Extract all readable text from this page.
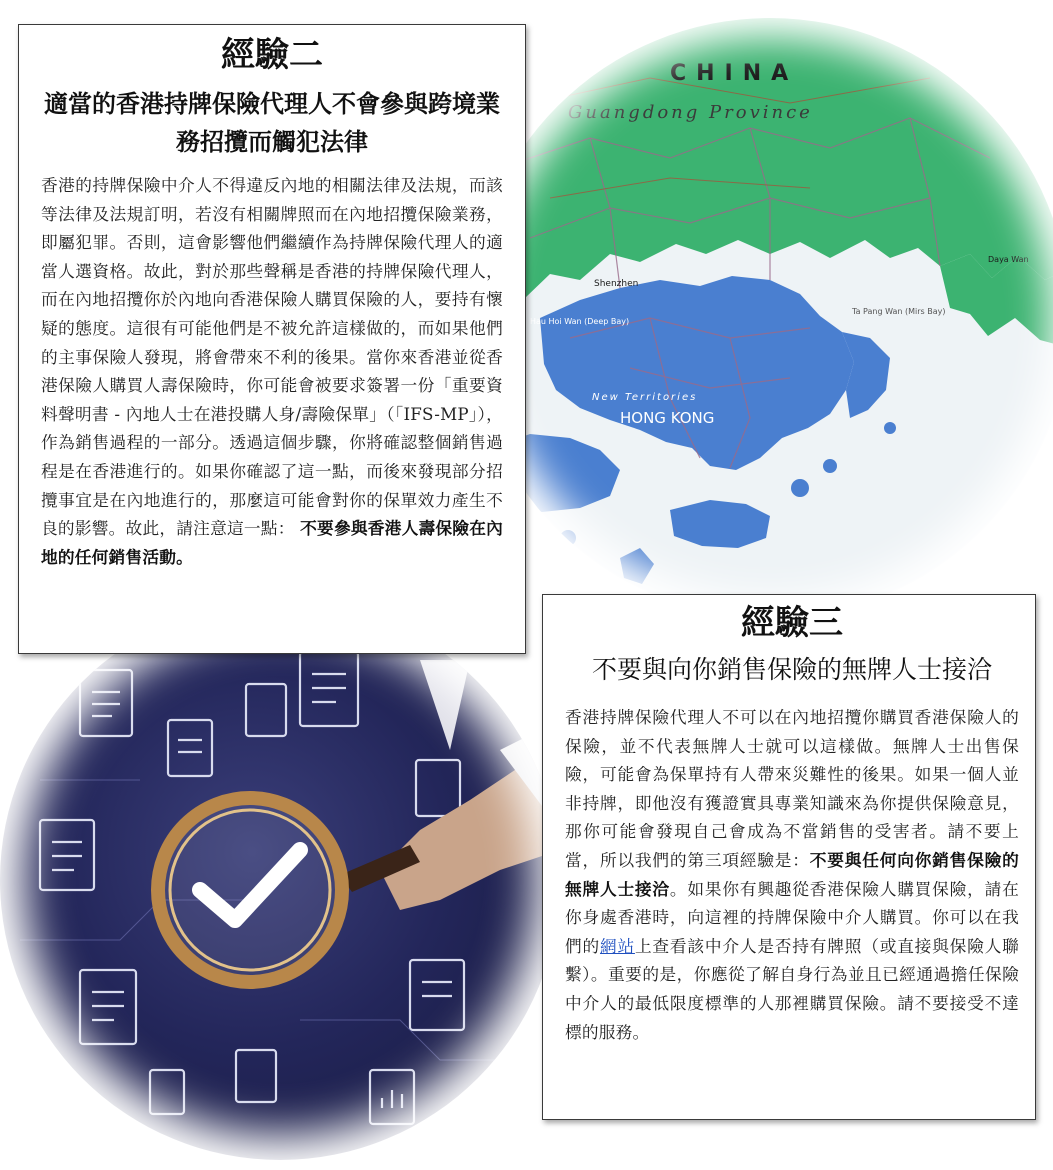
CHINA
Guangdong Province
HONG KONG
New Territories
Shenzhen
Daya Wan
Ta Pang Wan (Mirs Bay)
Hau Hoi Wan (Deep Bay)
經驗二
適當的香港持牌保險代理人不會參與跨境業務招攬而觸犯法律
香港的持牌保險中介人不得違反內地的相關法律及法規，而該等法律及法規訂明，若沒有相關牌照而在內地招攬保險業務，即屬犯罪。否則，這會影響他們繼續作為持牌保險代理人的適當人選資格。故此，對於那些聲稱是香港的持牌保險代理人，而在內地招攬你於內地向香港保險人購買保險的人，要持有懷疑的態度。這很有可能他們是不被允許這樣做的，而如果他們的主事保險人發現，將會帶來不利的後果。當你來香港並從香港保險人購買人壽保險時，你可能會被要求簽署一份「重要資料聲明書 - 內地人士在港投購人身/壽險保單」（「IFS-MP」），作為銷售過程的一部分。透過這個步驟，你將確認整個銷售過程是在香港進行的。如果你確認了這一點，而後來發現部分招攬事宜是在內地進行的，那麼這可能會對你的保單效力產生不良的影響。故此，請注意這一點： 不要參與香港人壽保險在內地的任何銷售活動。
經驗三
不要與向你銷售保險的無牌人士接洽
香港持牌保險代理人不可以在內地招攬你購買香港保險人的保險，並不代表無牌人士就可以這樣做。無牌人士出售保險，可能會為保單持有人帶來災難性的後果。如果一個人並非持牌，即他沒有獲證實具專業知識來為你提供保險意見，那你可能會發現自己會成為不當銷售的受害者。請不要上當，所以我們的第三項經驗是：不要與任何向你銷售保險的無牌人士接洽。如果你有興趣從香港保險人購買保險，請在你身處香港時，向這裡的持牌保險中介人購買。你可以在我們的網站上查看該中介人是否持有牌照（或直接與保險人聯繫）。重要的是，你應從了解自身行為並且已經通過擔任保險中介人的最低限度標準的人那裡購買保險。請不要接受不達標的服務。
